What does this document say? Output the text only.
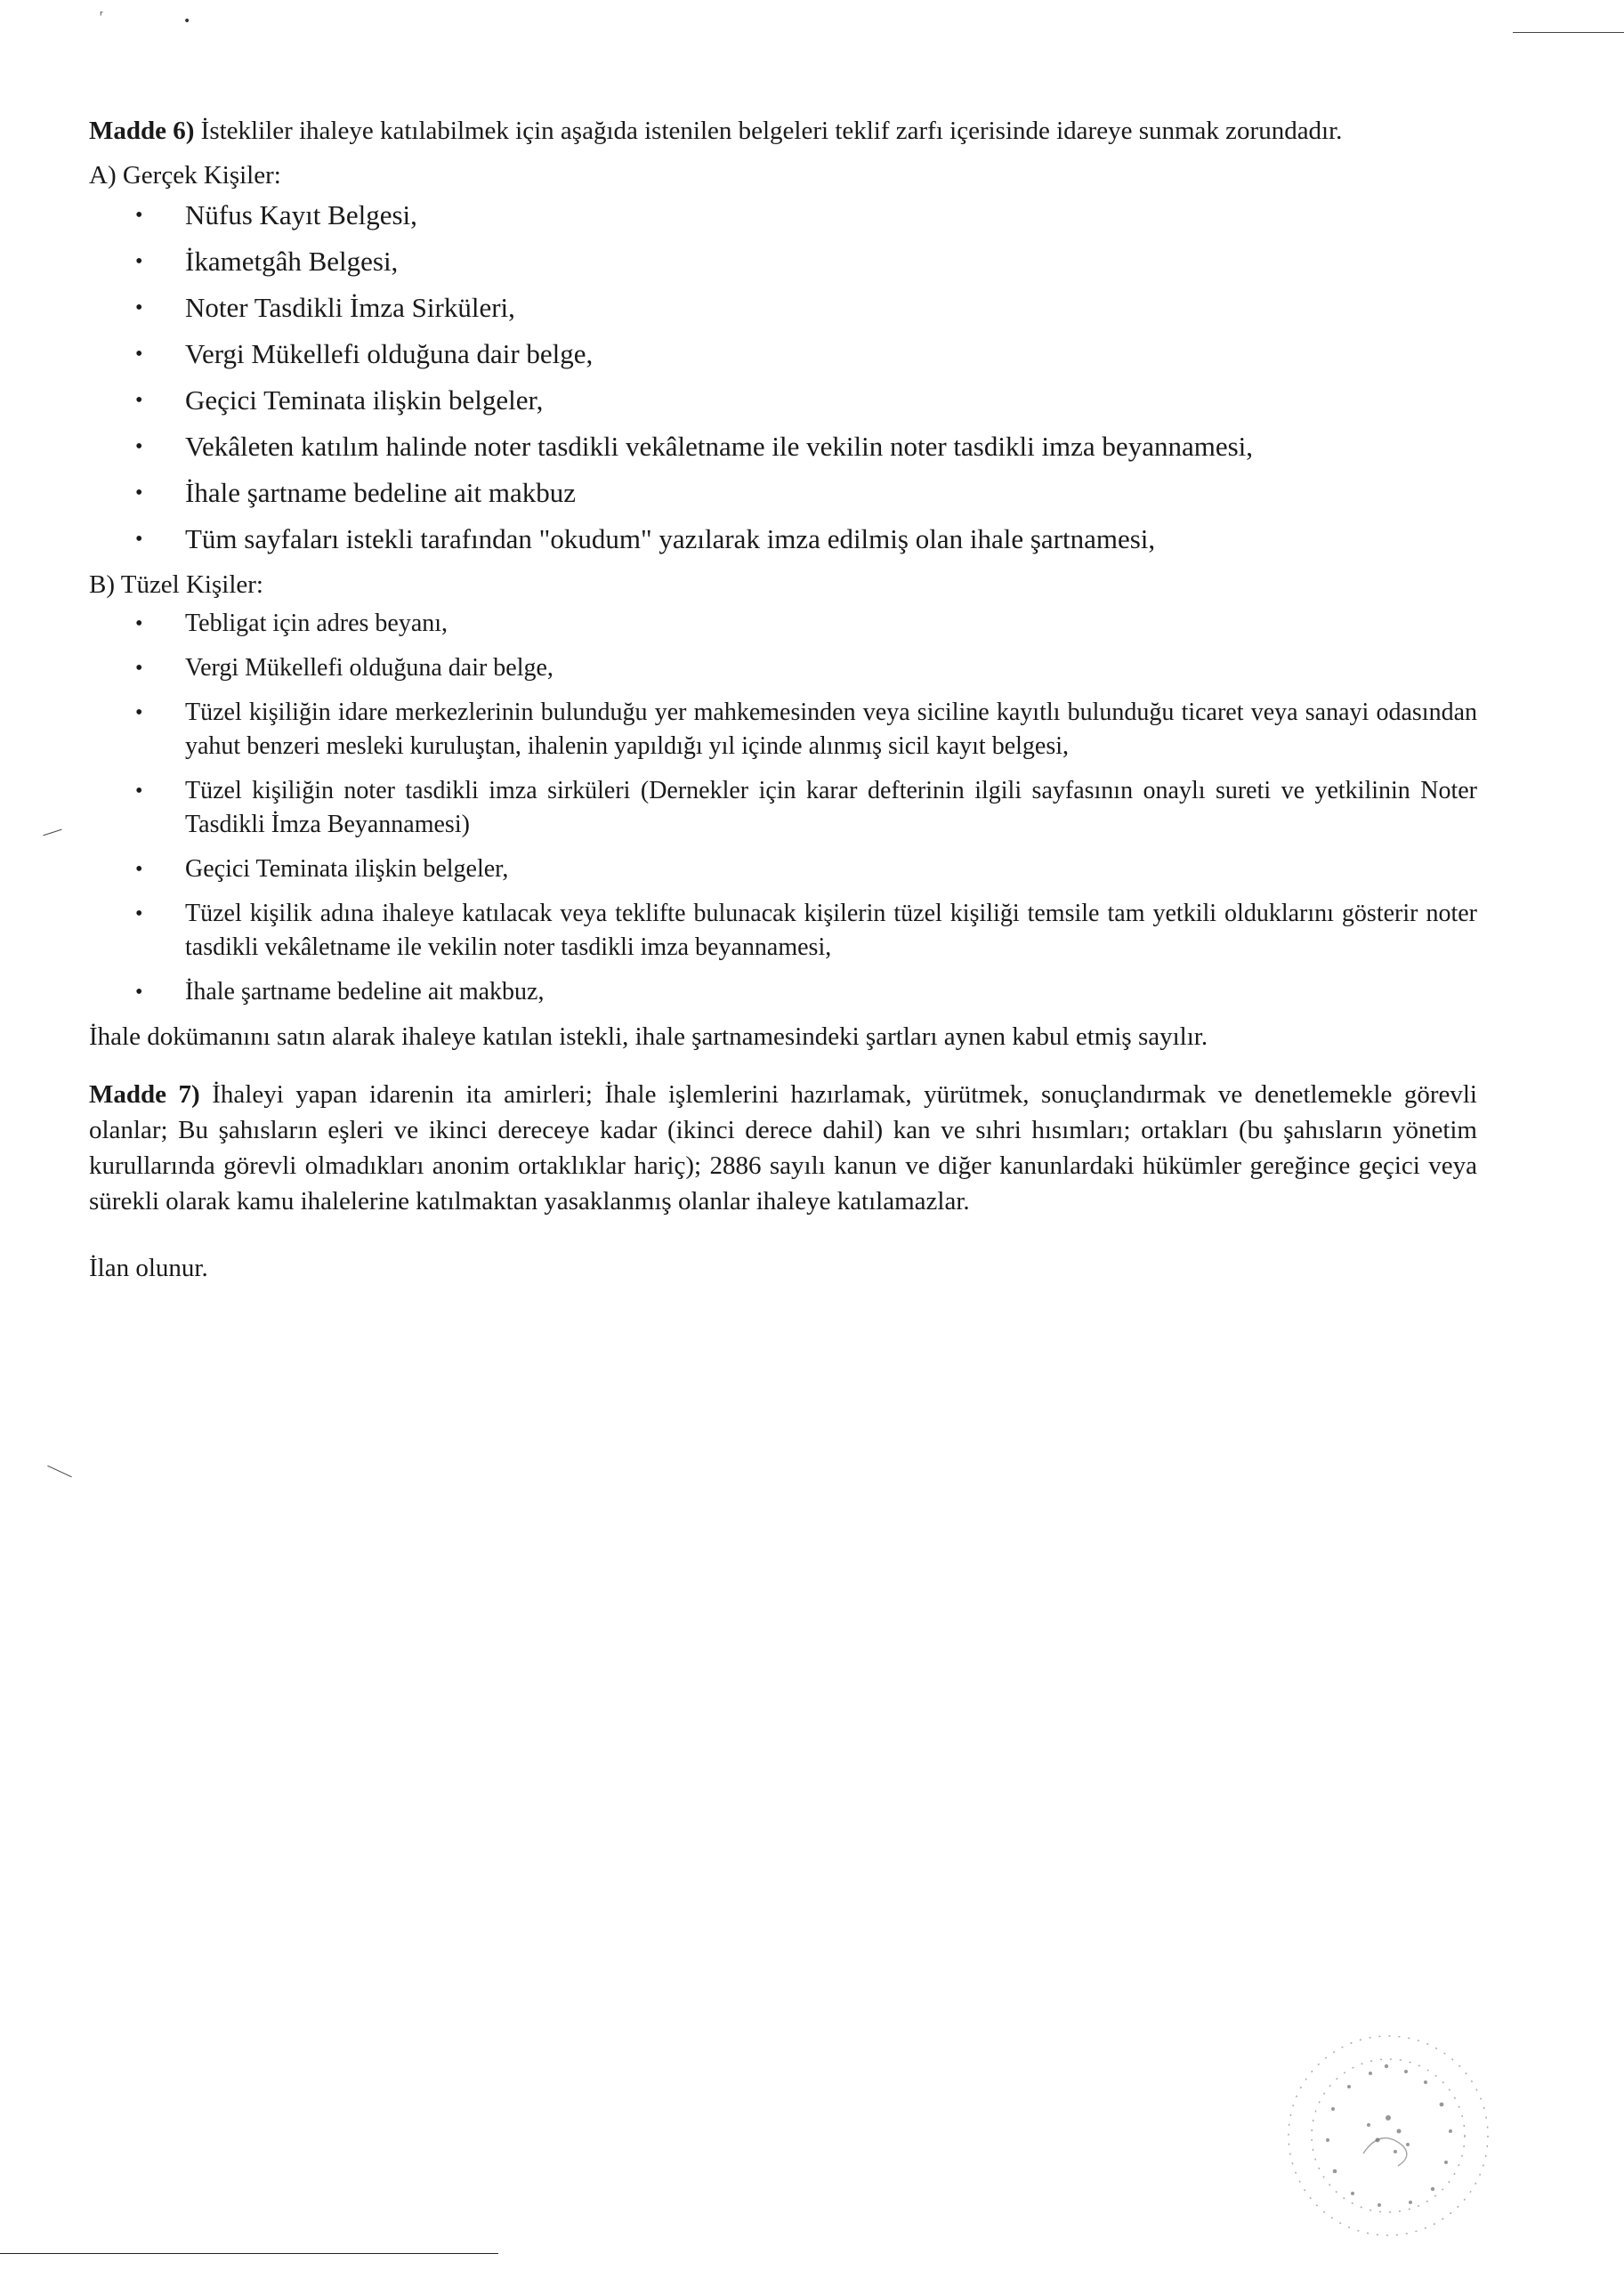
ʳ	•

Madde 6) İstekliler ihaleye katılabilmek için aşağıda istenilen belgeleri teklif zarfı içerisinde idareye sunmak zorundadır.

A) Gerçek Kişiler:
• Nüfus Kayıt Belgesi,
• İkametgâh Belgesi,
• Noter Tasdikli İmza Sirküleri,
• Vergi Mükellefi olduğuna dair belge,
• Geçici Teminata ilişkin belgeler,
• Vekâleten katılım halinde noter tasdikli vekâletname ile vekilin noter tasdikli imza beyannamesi,
• İhale şartname bedeline ait makbuz
• Tüm sayfaları istekli tarafından "okudum" yazılarak imza edilmiş olan ihale şartnamesi,
B) Tüzel Kişiler:
• Tebligat için adres beyanı,
• Vergi Mükellefi olduğuna dair belge,
• Tüzel kişiliğin idare merkezlerinin bulunduğu yer mahkemesinden veya siciline kayıtlı bulunduğu ticaret veya sanayi odasından yahut benzeri mesleki kuruluştan, ihalenin yapıldığı yıl içinde alınmış sicil kayıt belgesi,
• Tüzel kişiliğin noter tasdikli imza sirküleri (Dernekler için karar defterinin ilgili sayfasının onaylı sureti ve yetkilinin Noter Tasdikli İmza Beyannamesi)
• Geçici Teminata ilişkin belgeler,
• Tüzel kişilik adına ihaleye katılacak veya teklifte bulunacak kişilerin tüzel kişiliği temsile tam yetkili olduklarını gösterir noter tasdikli vekâletname ile vekilin noter tasdikli imza beyannamesi,
• İhale şartname bedeline ait makbuz,

İhale dokümanını satın alarak ihaleye katılan istekli, ihale şartnamesindeki şartları aynen kabul etmiş sayılır.

Madde 7) İhaleyi yapan idarenin ita amirleri; İhale işlemlerini hazırlamak, yürütmek, sonuçlandırmak ve denetlemekle görevli olanlar; Bu şahısların eşleri ve ikinci dereceye kadar (ikinci derece dahil) kan ve sıhri hısımları; ortakları (bu şahısların yönetim kurullarında görevli olmadıkları anonim ortaklıklar hariç); 2886 sayılı kanun ve diğer kanunlardaki hükümler gereğince geçici veya sürekli olarak kamu ihalelerine katılmaktan yasaklanmış olanlar ihaleye katılamazlar.

İlan olunur.
